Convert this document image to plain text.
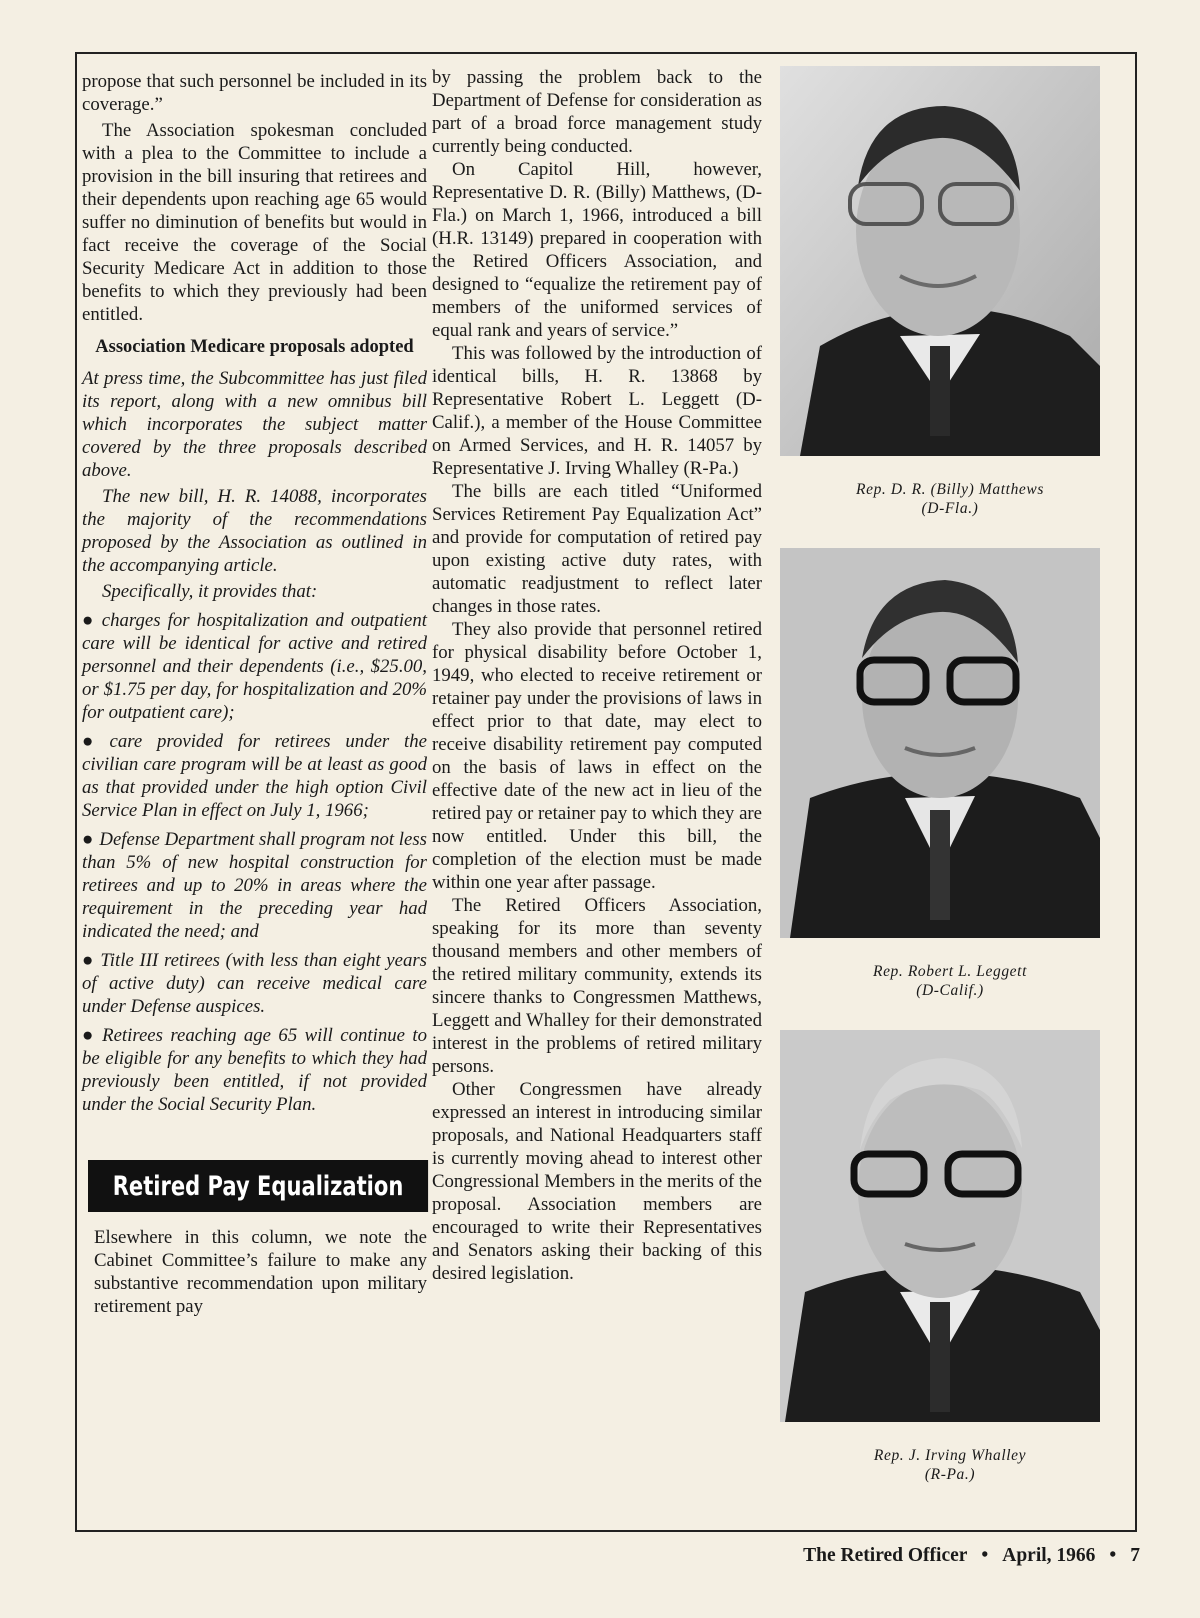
propose that such personnel be included in its coverage.”

The Association spokesman concluded with a plea to the Committee to include a provision in the bill insuring that retirees and their dependents upon reaching age 65 would suffer no diminution of benefits but would in fact receive the coverage of the Social Security Medicare Act in addition to those benefits to which they previously had been entitled.

Association Medicare proposals adopted

At press time, the Subcommittee has just filed its report, along with a new omnibus bill which incorporates the subject matter covered by the three proposals described above.

The new bill, H. R. 14088, incorporates the majority of the recommendations proposed by the Association as outlined in the accompanying article.

Specifically, it provides that:

● charges for hospitalization and outpatient care will be identical for active and retired personnel and their dependents (i.e., $25.00, or $1.75 per day, for hospitalization and 20% for outpatient care);
● care provided for retirees under the civilian care program will be at least as good as that provided under the high option Civil Service Plan in effect on July 1, 1966;
● Defense Department shall program not less than 5% of new hospital construction for retirees and up to 20% in areas where the requirement in the preceding year had indicated the need; and
● Title III retirees (with less than eight years of active duty) can receive medical care under Defense auspices.
● Retirees reaching age 65 will continue to be eligible for any benefits to which they had previously been entitled, if not provided under the Social Security Plan.
Retired Pay Equalization

Elsewhere in this column, we note the Cabinet Committee’s failure to make any substantive recommendation upon military retirement pay

by passing the problem back to the Department of Defense for consideration as part of a broad force management study currently being conducted.

On Capitol Hill, however, Representative D. R. (Billy) Matthews, (D-Fla.) on March 1, 1966, introduced a bill (H.R. 13149) prepared in cooperation with the Retired Officers Association, and designed to “equalize the retirement pay of members of the uniformed services of equal rank and years of service.”

This was followed by the introduction of identical bills, H. R. 13868 by Representative Robert L. Leggett (D-Calif.), a member of the House Committee on Armed Services, and H. R. 14057 by Representative J. Irving Whalley (R-Pa.)

The bills are each titled “Uniformed Services Retirement Pay Equalization Act” and provide for computation of retired pay upon existing active duty rates, with automatic readjustment to reflect later changes in those rates.

They also provide that personnel retired for physical disability before October 1, 1949, who elected to receive retirement or retainer pay under the provisions of laws in effect prior to that date, may elect to receive disability retirement pay computed on the basis of laws in effect on the effective date of the new act in lieu of the retired pay or retainer pay to which they are now entitled. Under this bill, the completion of the election must be made within one year after passage.

The Retired Officers Association, speaking for its more than seventy thousand members and other members of the retired military community, extends its sincere thanks to Congressmen Matthews, Leggett and Whalley for their demonstrated interest in the problems of retired military persons.

Other Congressmen have already expressed an interest in introducing similar proposals, and National Headquarters staff is currently moving ahead to interest other Congressional Members in the merits of the proposal. Association members are encouraged to write their Representatives and Senators asking their backing of this desired legislation.

Rep. D. R. (Billy) Matthews
(D-Fla.)
Rep. Robert L. Leggett
(D-Calif.)
Rep. J. Irving Whalley
(R-Pa.)
The Retired Officer • April, 1966 • 7
